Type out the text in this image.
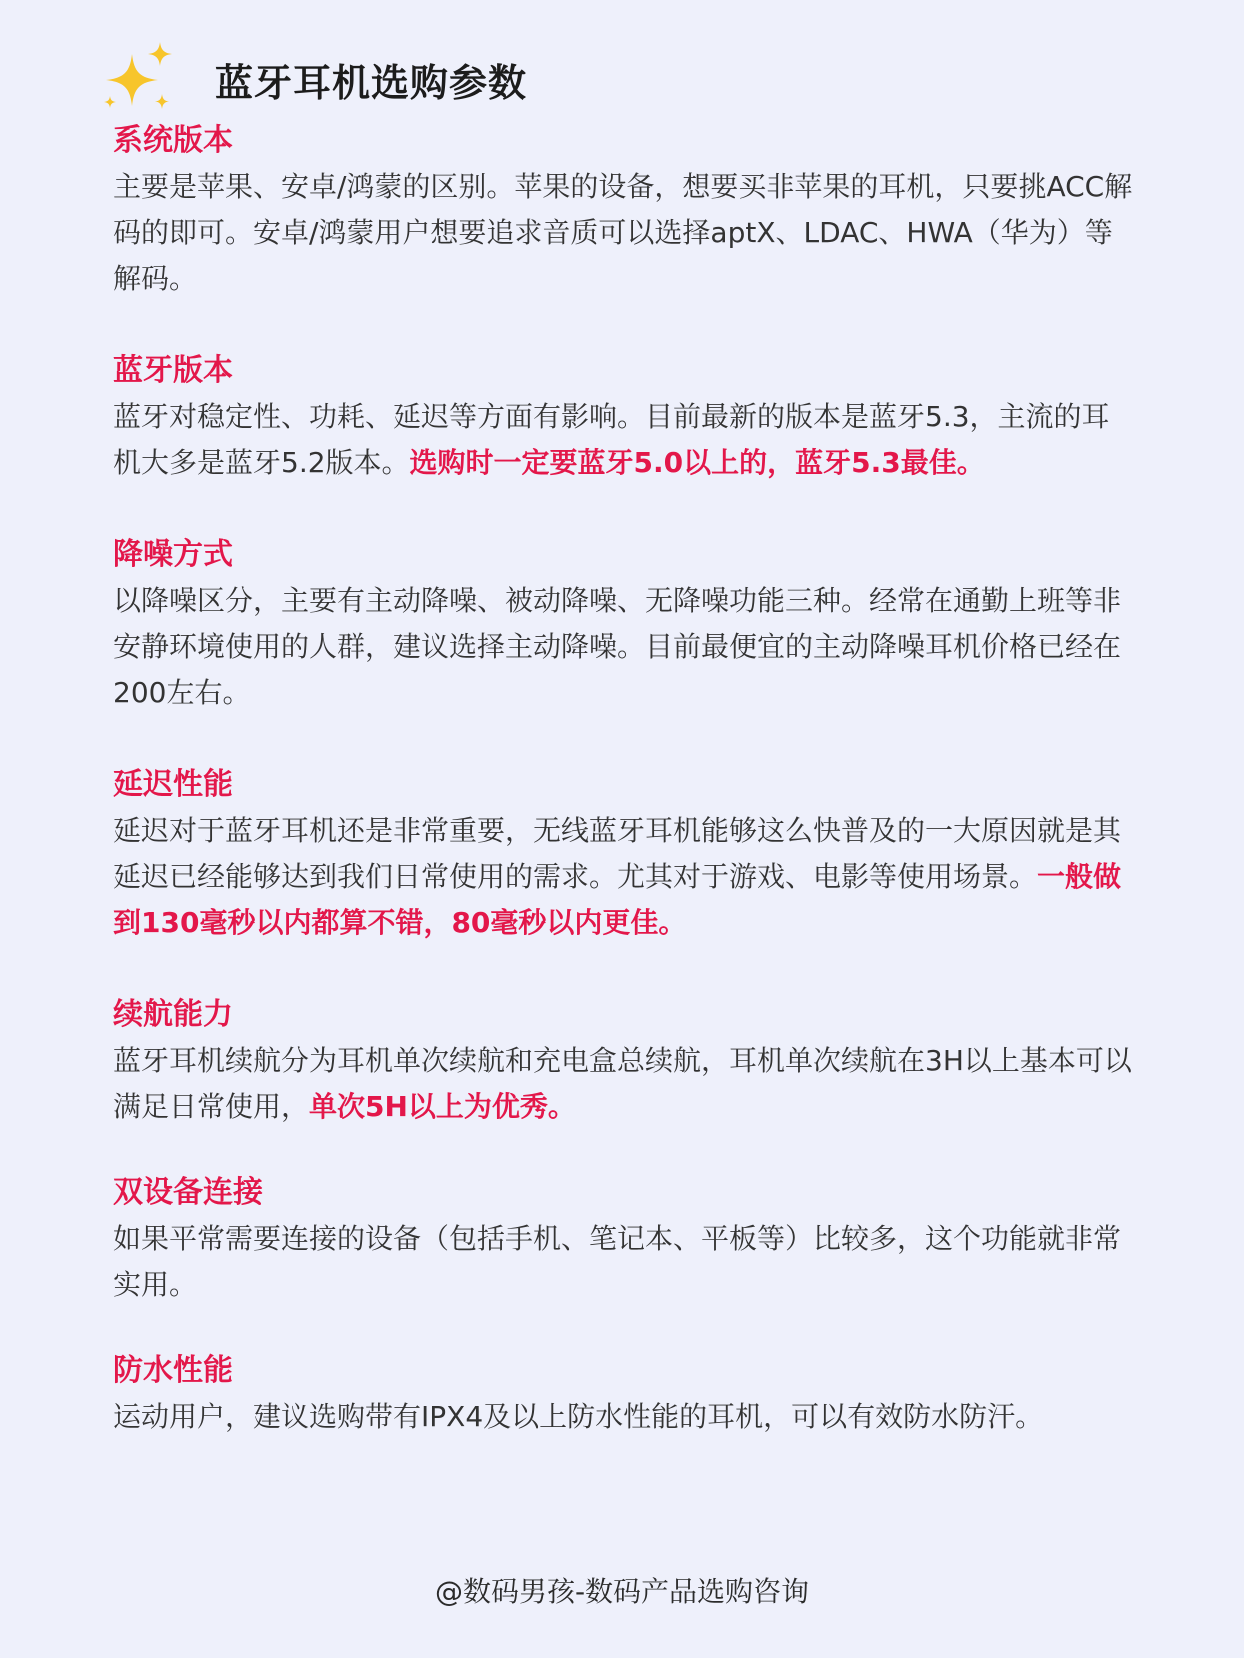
蓝牙耳机选购参数
系统版本
主要是苹果、安卓/鸿蒙的区别。苹果的设备，想要买非苹果的耳机，只要挑ACC解码的即可。安卓/鸿蒙用户想要追求音质可以选择aptX、LDAC、HWA（华为）等解码。
蓝牙版本
蓝牙对稳定性、功耗、延迟等方面有影响。目前最新的版本是蓝牙5.3，主流的耳机大多是蓝牙5.2版本。选购时一定要蓝牙5.0以上的，蓝牙5.3最佳。
降噪方式
以降噪区分，主要有主动降噪、被动降噪、无降噪功能三种。经常在通勤上班等非安静环境使用的人群，建议选择主动降噪。目前最便宜的主动降噪耳机价格已经在200左右。
延迟性能
延迟对于蓝牙耳机还是非常重要，无线蓝牙耳机能够这么快普及的一大原因就是其延迟已经能够达到我们日常使用的需求。尤其对于游戏、电影等使用场景。一般做到130毫秒以内都算不错，80毫秒以内更佳。
续航能力
蓝牙耳机续航分为耳机单次续航和充电盒总续航，耳机单次续航在3H以上基本可以满足日常使用，单次5H以上为优秀。
双设备连接
如果平常需要连接的设备（包括手机、笔记本、平板等）比较多，这个功能就非常实用。
防水性能
运动用户，建议选购带有IPX4及以上防水性能的耳机，可以有效防水防汗。
@数码男孩-数码产品选购咨询
